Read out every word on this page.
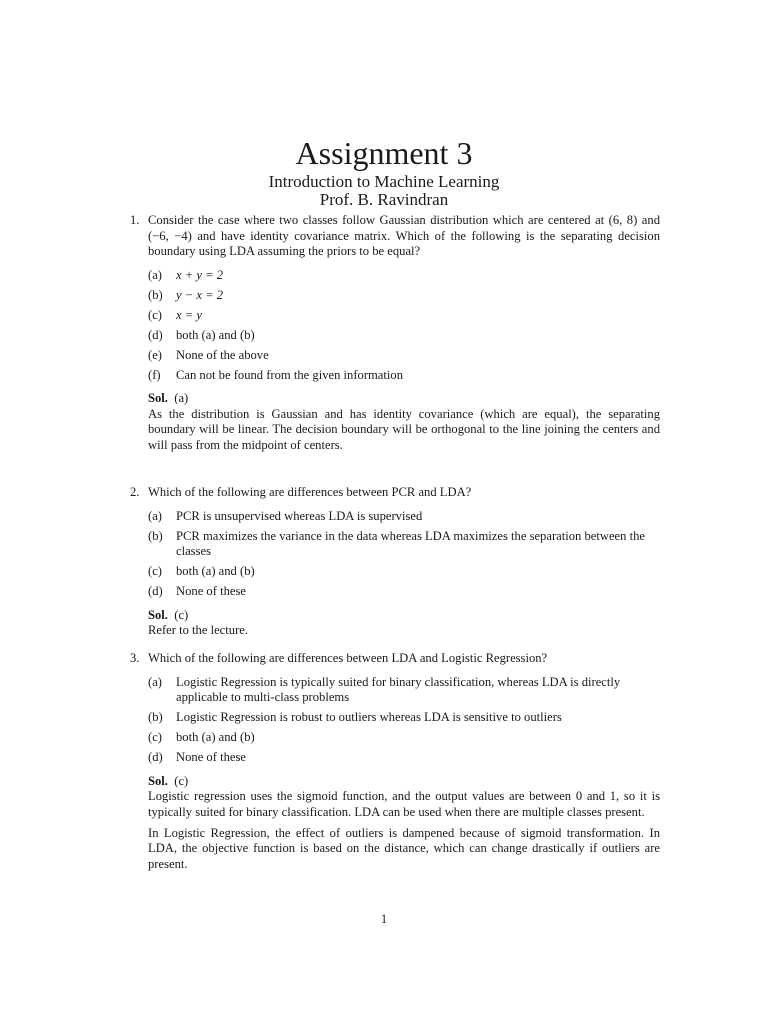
Assignment 3
Introduction to Machine Learning
Prof. B. Ravindran
1. Consider the case where two classes follow Gaussian distribution which are centered at (6, 8) and (−6, −4) and have identity covariance matrix. Which of the following is the separating decision boundary using LDA assuming the priors to be equal?
(a) x + y = 2
(b) y − x = 2
(c) x = y
(d) both (a) and (b)
(e) None of the above
(f) Can not be found from the given information
Sol. (a)

As the distribution is Gaussian and has identity covariance (which are equal), the separating boundary will be linear. The decision boundary will be orthogonal to the line joining the centers and will pass from the midpoint of centers.

2. Which of the following are differences between PCR and LDA?
(a) PCR is unsupervised whereas LDA is supervised
(b) PCR maximizes the variance in the data whereas LDA maximizes the separation between the classes
(c) both (a) and (b)
(d) None of these
Sol. (c)

Refer to the lecture.

3. Which of the following are differences between LDA and Logistic Regression?
(a) Logistic Regression is typically suited for binary classification, whereas LDA is directly applicable to multi-class problems
(b) Logistic Regression is robust to outliers whereas LDA is sensitive to outliers
(c) both (a) and (b)
(d) None of these
Sol. (c)

Logistic regression uses the sigmoid function, and the output values are between 0 and 1, so it is typically suited for binary classification. LDA can be used when there are multiple classes present.

In Logistic Regression, the effect of outliers is dampened because of sigmoid transformation. In LDA, the objective function is based on the distance, which can change drastically if outliers are present.

1
